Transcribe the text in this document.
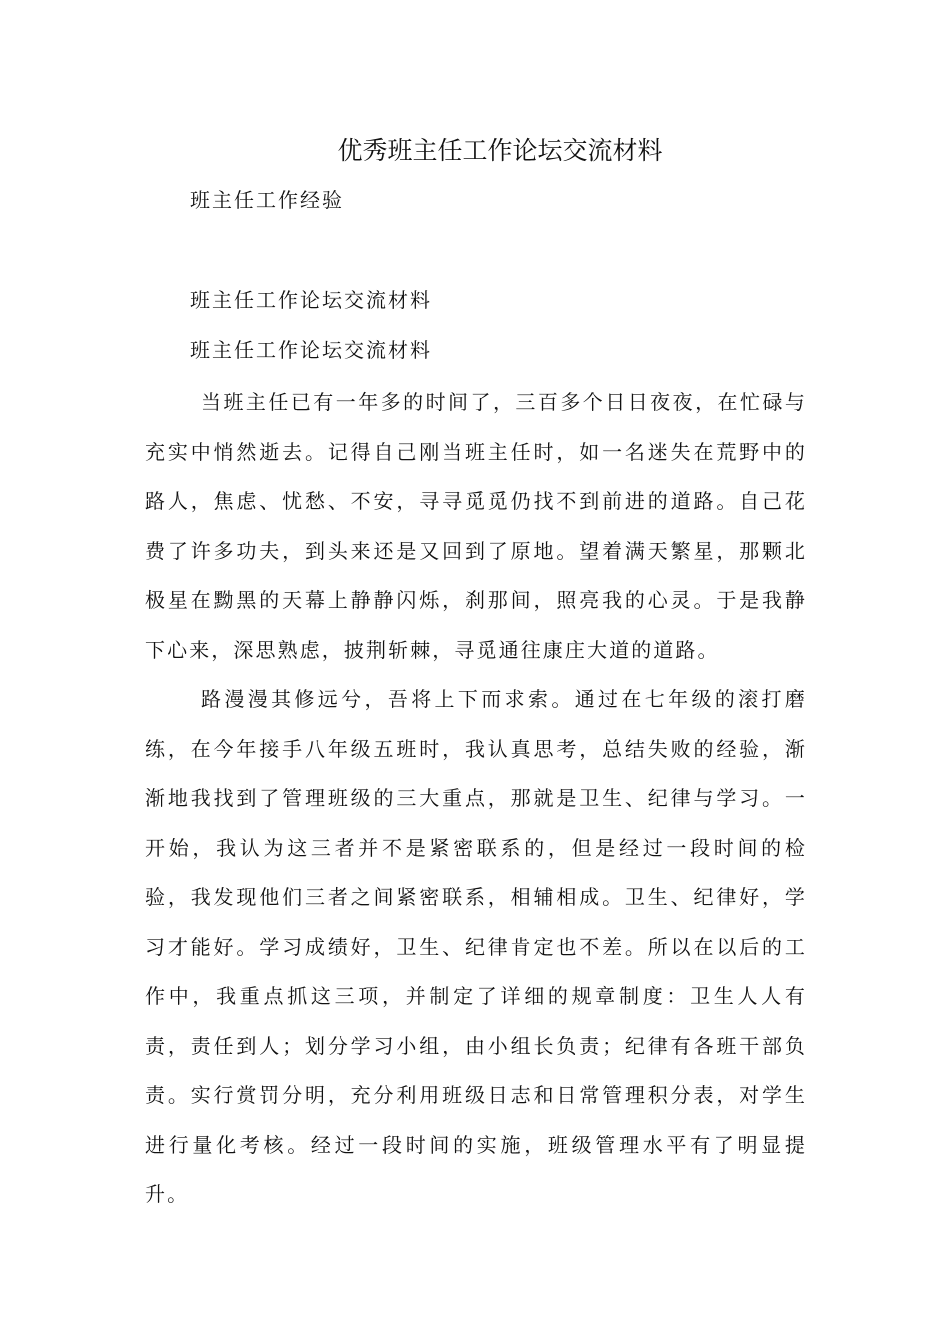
优秀班主任工作论坛交流材料

班主任工作经验

班主任工作论坛交流材料

班主任工作论坛交流材料

当班主任已有一年多的时间了，三百多个日日夜夜，在忙碌与充实中悄然逝去。记得自己刚当班主任时，如一名迷失在荒野中的路人，焦虑、忧愁、不安，寻寻觅觅仍找不到前进的道路。自己花费了许多功夫，到头来还是又回到了原地。望着满天繁星，那颗北极星在黝黑的天幕上静静闪烁，刹那间，照亮我的心灵。于是我静下心来，深思熟虑，披荆斩棘，寻觅通往康庄大道的道路。

路漫漫其修远兮，吾将上下而求索。通过在七年级的滚打磨练，在今年接手八年级五班时，我认真思考，总结失败的经验，渐渐地我找到了管理班级的三大重点，那就是卫生、纪律与学习。一开始，我认为这三者并不是紧密联系的，但是经过一段时间的检验，我发现他们三者之间紧密联系，相辅相成。卫生、纪律好，学习才能好。学习成绩好，卫生、纪律肯定也不差。所以在以后的工作中，我重点抓这三项，并制定了详细的规章制度：卫生人人有责，责任到人；划分学习小组，由小组长负责；纪律有各班干部负责。实行赏罚分明，充分利用班级日志和日常管理积分表，对学生进行量化考核。经过一段时间的实施，班级管理水平有了明显提升。
